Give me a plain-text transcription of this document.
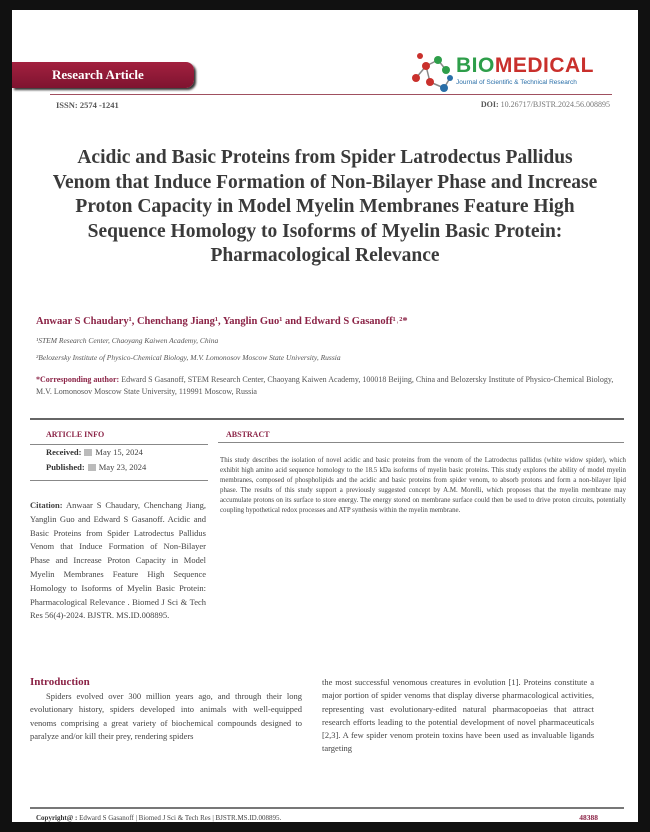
Research Article	BIOMEDICAL
Journal of Scientific & Technical Research
ISSN: 2574 -1241	DOI: 10.26717/BJSTR.2024.56.008895
Acidic and Basic Proteins from Spider Latrodectus Pallidus Venom that Induce Formation of Non-Bilayer Phase and Increase Proton Capacity in Model Myelin Membranes Feature High Sequence Homology to Isoforms of Myelin Basic Protein: Pharmacological Relevance
Anwaar S Chaudary¹, Chenchang Jiang¹, Yanglin Guo¹ and Edward S Gasanoff¹˒²*
¹STEM Research Center, Chaoyang Kaiwen Academy, China
²Belozersky Institute of Physico-Chemical Biology, M.V. Lomonosov Moscow State University, Russia
*Corresponding author: Edward S Gasanoff, STEM Research Center, Chaoyang Kaiwen Academy, 100018 Beijing, China and Belozersky Institute of Physico-Chemical Biology, M.V. Lomonosov Moscow State University, 119991 Moscow, Russia
ARTICLE INFO	ABSTRACT
Received: May 15, 2024
Published: May 23, 2024
Citation: Anwaar S Chaudary, Chenchang Jiang, Yanglin Guo and Edward S Gasanoff. Acidic and Basic Proteins from Spider Latrodectus Pallidus Venom that Induce Formation of Non-Bilayer Phase and Increase Proton Capacity in Model Myelin Membranes Feature High Sequence Homology to Isoforms of Myelin Basic Protein: Pharmacological Relevance . Biomed J Sci & Tech Res 56(4)-2024. BJSTR. MS.ID.008895.
This study describes the isolation of novel acidic and basic proteins from the venom of the Latrodectus pallidus (white widow spider), which exhibit high amino acid sequence homology to the 18.5 kDa isoforms of myelin basic proteins. This study explores the ability of model myelin membranes, composed of phospholipids and the acidic and basic proteins from spider venom, to absorb protons and form a non-bilayer lipid phase. The results of this study support a previously suggested concept by A.M. Morelli, which proposes that the myelin membrane may accumulate protons on its surface to store energy. The energy stored on membrane surface could then be used to drive proton circuits, potentially coupling hypothetical redox processes and ATP synthesis within the myelin membrane.
Introduction
Spiders evolved over 300 million years ago, and through their long evolutionary history, spiders developed into animals with well-equipped venoms comprising a great variety of biochemical compounds designed to paralyze and/or kill their prey, rendering spiders
the most successful venomous creatures in evolution [1]. Proteins constitute a major portion of spider venoms that display diverse pharmacological activities, representing vast evolutionary-edited natural pharmacopoeias that attract research efforts leading to the potential development of novel pharmaceuticals [2,3]. A few spider venom protein toxins have been used as invaluable ligands targeting
Copyright@ : Edward S Gasanoff | Biomed J Sci & Tech Res | BJSTR.MS.ID.008895.	48388
